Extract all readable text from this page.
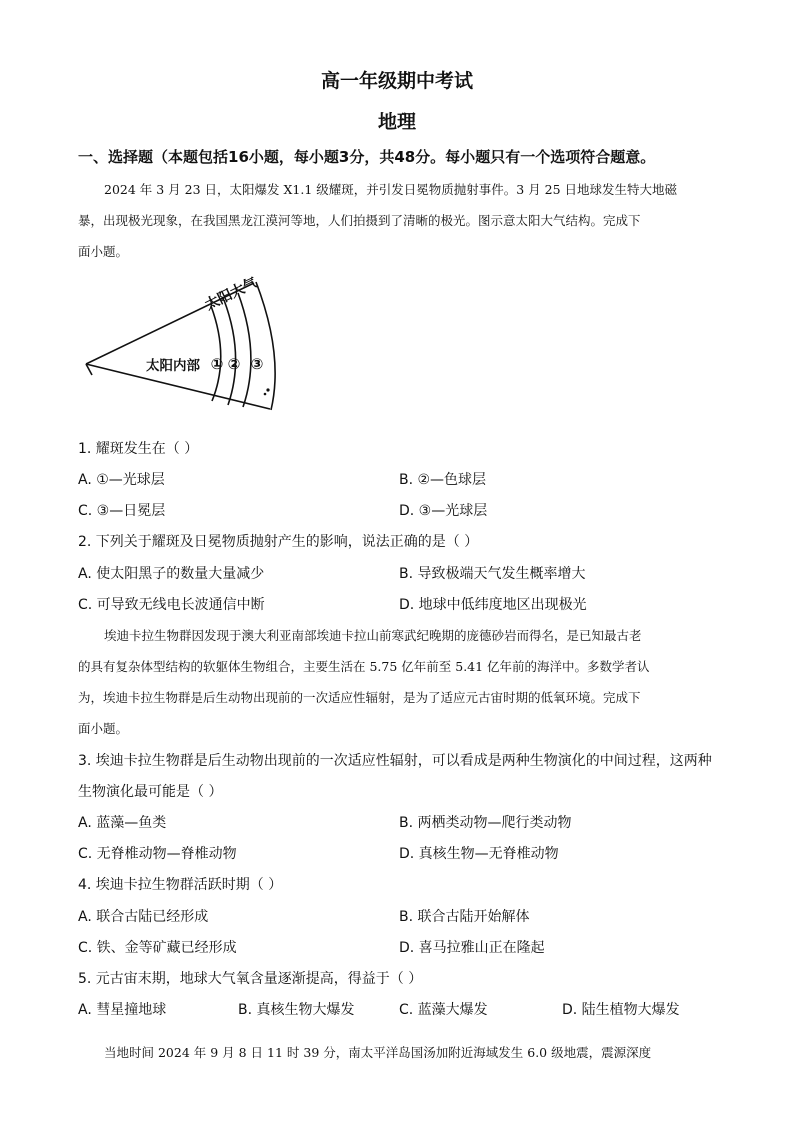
高一年级期中考试
地理
一、选择题（本题包括16小题，每小题3分，共48分。每小题只有一个选项符合题意。
2024 年 3 月 23 日，太阳爆发 X1.1 级耀斑，并引发日冕物质抛射事件。3 月 25 日地球发生特大地磁
暴，出现极光现象，在我国黑龙江漠河等地，人们拍摄到了清晰的极光。图示意太阳大气结构。完成下
面小题。
太阳大气
太阳内部 ① ② ③
1. 耀斑发生在（ ）
A. ①—光球层	B. ②—色球层
C. ③—日冕层	D. ③—光球层
2. 下列关于耀斑及日冕物质抛射产生的影响，说法正确的是（ ）
A. 使太阳黑子的数量大量减少	B. 导致极端天气发生概率增大
C. 可导致无线电长波通信中断	D. 地球中低纬度地区出现极光
埃迪卡拉生物群因发现于澳大利亚南部埃迪卡拉山前寒武纪晚期的庞德砂岩而得名，是已知最古老
的具有复杂体型结构的软躯体生物组合，主要生活在 5.75 亿年前至 5.41 亿年前的海洋中。多数学者认
为，埃迪卡拉生物群是后生动物出现前的一次适应性辐射，是为了适应元古宙时期的低氧环境。完成下
面小题。
3. 埃迪卡拉生物群是后生动物出现前的一次适应性辐射，可以看成是两种生物演化的中间过程，这两种
生物演化最可能是（ ）
A. 蓝藻—鱼类	B. 两栖类动物—爬行类动物
C. 无脊椎动物—脊椎动物	D. 真核生物—无脊椎动物
4. 埃迪卡拉生物群活跃时期（ ）
A. 联合古陆已经形成	B. 联合古陆开始解体
C. 铁、金等矿藏已经形成	D. 喜马拉雅山正在隆起
5. 元古宙末期，地球大气氧含量逐渐提高，得益于（ ）
A. 彗星撞地球	B. 真核生物大爆发	C. 蓝藻大爆发	D. 陆生植物大爆发
当地时间 2024 年 9 月 8 日 11 时 39 分，南太平洋岛国汤加附近海域发生 6.0 级地震，震源深度
